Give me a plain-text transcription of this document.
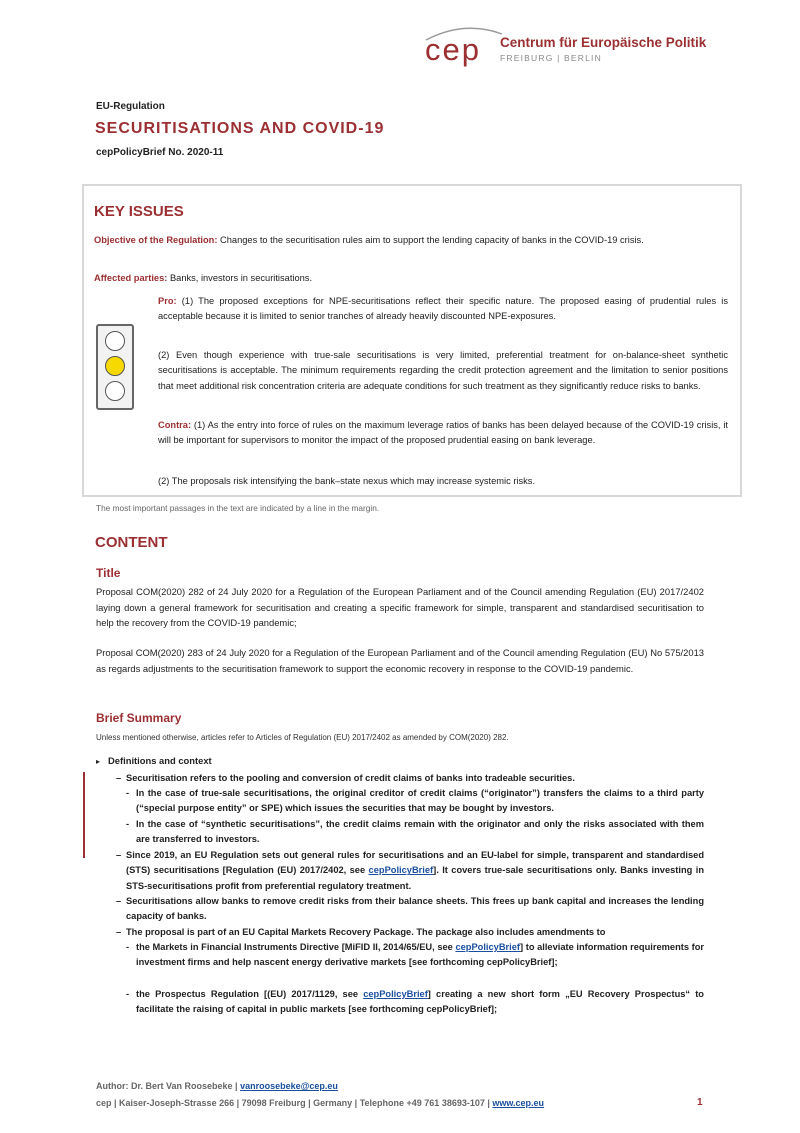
cep Centrum für Europäische Politik
FREIBURG | BERLIN
EU-Regulation
SECURITISATIONS AND COVID-19
cepPolicyBrief No. 2020-11
KEY ISSUES
Objective of the Regulation: Changes to the securitisation rules aim to support the lending capacity of banks in the COVID-19 crisis.
Affected parties: Banks, investors in securitisations.
Pro: (1) The proposed exceptions for NPE-securitisations reflect their specific nature. The proposed easing of prudential rules is acceptable because it is limited to senior tranches of already heavily discounted NPE-exposures.
(2) Even though experience with true-sale securitisations is very limited, preferential treatment for on-balance-sheet synthetic securitisations is acceptable. The minimum requirements regarding the credit protection agreement and the limitation to senior positions that meet additional risk concentration criteria are adequate conditions for such treatment as they significantly reduce risks to banks.
Contra: (1) As the entry into force of rules on the maximum leverage ratios of banks has been delayed because of the COVID-19 crisis, it will be important for supervisors to monitor the impact of the proposed prudential easing on bank leverage.
(2) The proposals risk intensifying the bank–state nexus which may increase systemic risks.
The most important passages in the text are indicated by a line in the margin.
CONTENT
Title
Proposal COM(2020) 282 of 24 July 2020 for a Regulation of the European Parliament and of the Council amending Regulation (EU) 2017/2402 laying down a general framework for securitisation and creating a specific framework for simple, transparent and standardised securitisation to help the recovery from the COVID-19 pandemic;
Proposal COM(2020) 283 of 24 July 2020 for a Regulation of the European Parliament and of the Council amending Regulation (EU) No 575/2013 as regards adjustments to the securitisation framework to support the economic recovery in response to the COVID-19 pandemic.
Brief Summary
Unless mentioned otherwise, articles refer to Articles of Regulation (EU) 2017/2402 as amended by COM(2020) 282.
▸ Definitions and context
– Securitisation refers to the pooling and conversion of credit claims of banks into tradeable securities.
- In the case of true-sale securitisations, the original creditor of credit claims (“originator”) transfers the claims to a third party (“special purpose entity” or SPE) which issues the securities that may be bought by investors.
- In the case of “synthetic securitisations”, the credit claims remain with the originator and only the risks associated with them are transferred to investors.
– Since 2019, an EU Regulation sets out general rules for securitisations and an EU-label for simple, transparent and standardised (STS) securitisations [Regulation (EU) 2017/2402, see cepPolicyBrief]. It covers true-sale securitisations only. Banks investing in STS-securitisations profit from preferential regulatory treatment.
– Securitisations allow banks to remove credit risks from their balance sheets. This frees up bank capital and increases the lending capacity of banks.
– The proposal is part of an EU Capital Markets Recovery Package. The package also includes amendments to
- the Markets in Financial Instruments Directive [MiFID II, 2014/65/EU, see cepPolicyBrief] to alleviate information requirements for investment firms and help nascent energy derivative markets [see forthcoming cepPolicyBrief];
- the Prospectus Regulation [(EU) 2017/1129, see cepPolicyBrief] creating a new short form „EU Recovery Prospectus“ to facilitate the raising of capital in public markets [see forthcoming cepPolicyBrief];
Author: Dr. Bert Van Roosebeke | vanroosebeke@cep.eu
cep | Kaiser-Joseph-Strasse 266 | 79098 Freiburg | Germany | Telephone +49 761 38693-107 | www.cep.eu	1
